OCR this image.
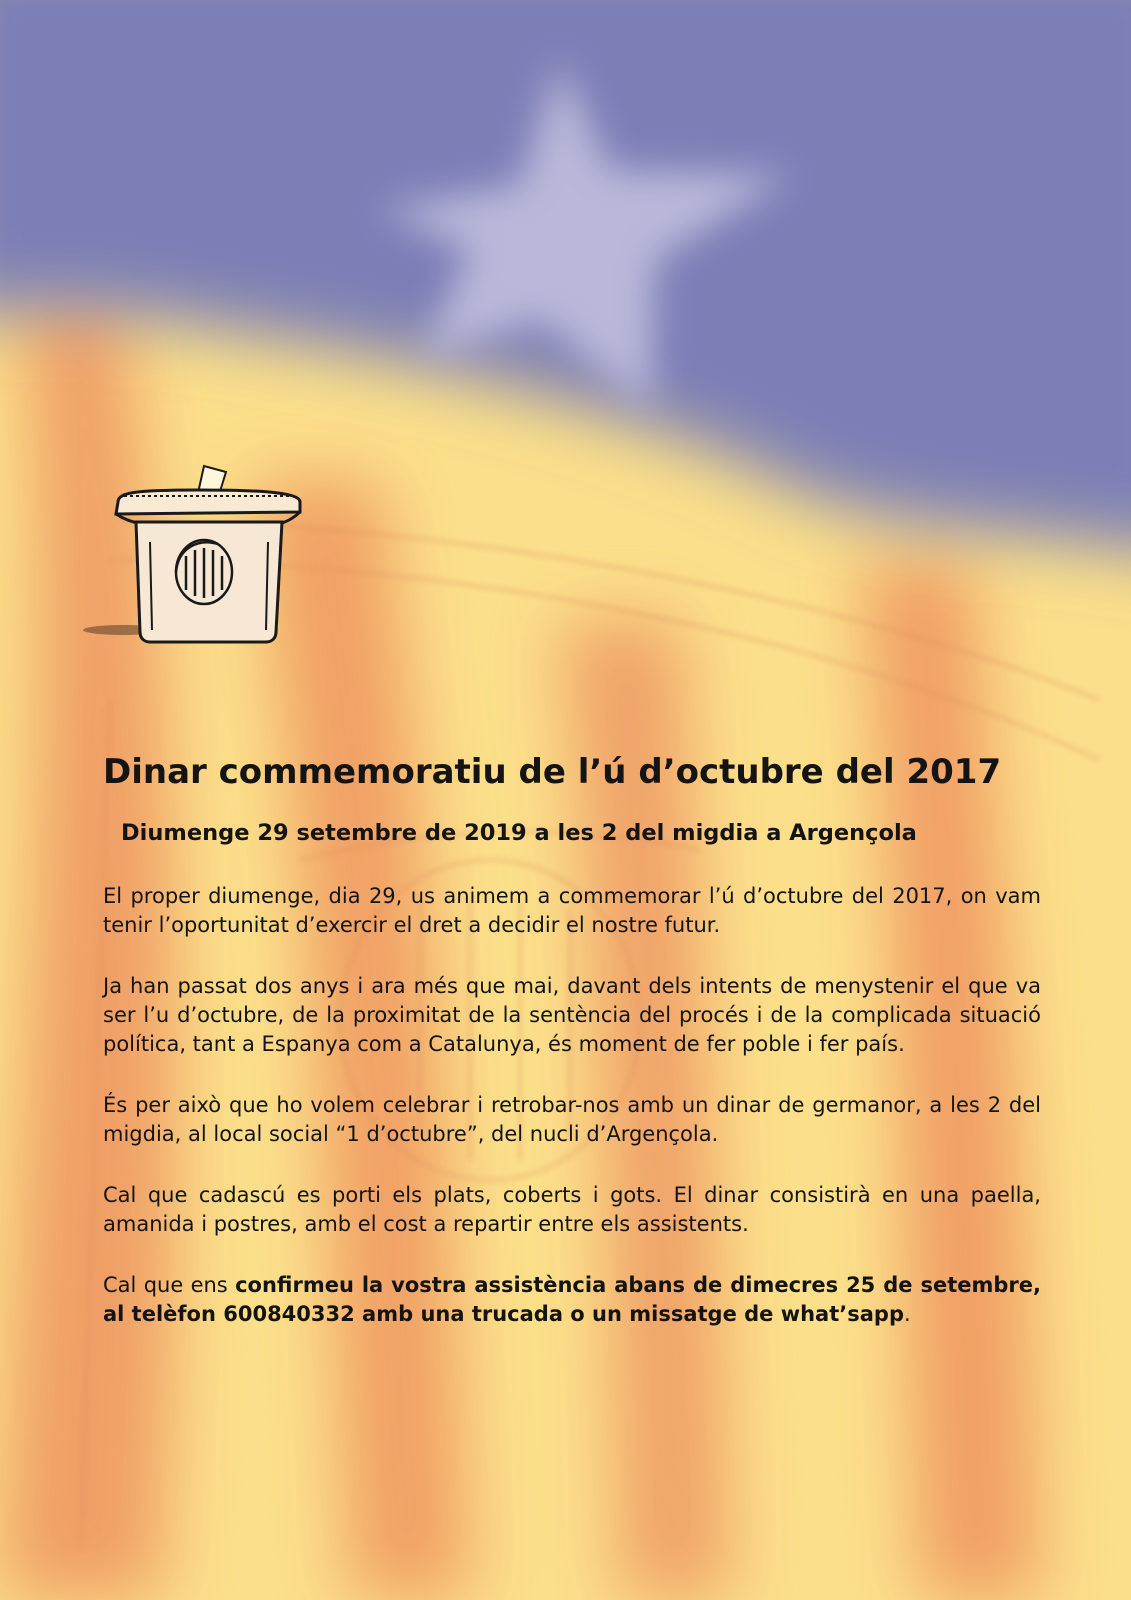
Dinar commemoratiu de l’ú d’octubre del 2017
Diumenge 29 setembre de 2019 a les 2 del migdia a Argençola

El proper diumenge, dia 29, us animem a commemorar l’ú d’octubre del 2017, on vam tenir l’oportunitat d’exercir el dret a decidir el nostre futur.

Ja han passat dos anys i ara més que mai, davant dels intents de menystenir el que va ser l’u d’octubre, de la proximitat de la sentència del procés i de la complicada situació política, tant a Espanya com a Catalunya, és moment de fer poble i fer país.

És per això que ho volem celebrar i retrobar-nos amb un dinar de germanor, a les 2 del migdia, al local social “1 d’octubre”, del nucli d’Argençola.

Cal que cadascú es porti els plats, coberts i gots. El dinar consistirà en una paella, amanida i postres, amb el cost a repartir entre els assistents.

Cal que ens confirmeu la vostra assistència abans de dimecres 25 de setembre, al telèfon 600840332 amb una trucada o un missatge de what’sapp.
